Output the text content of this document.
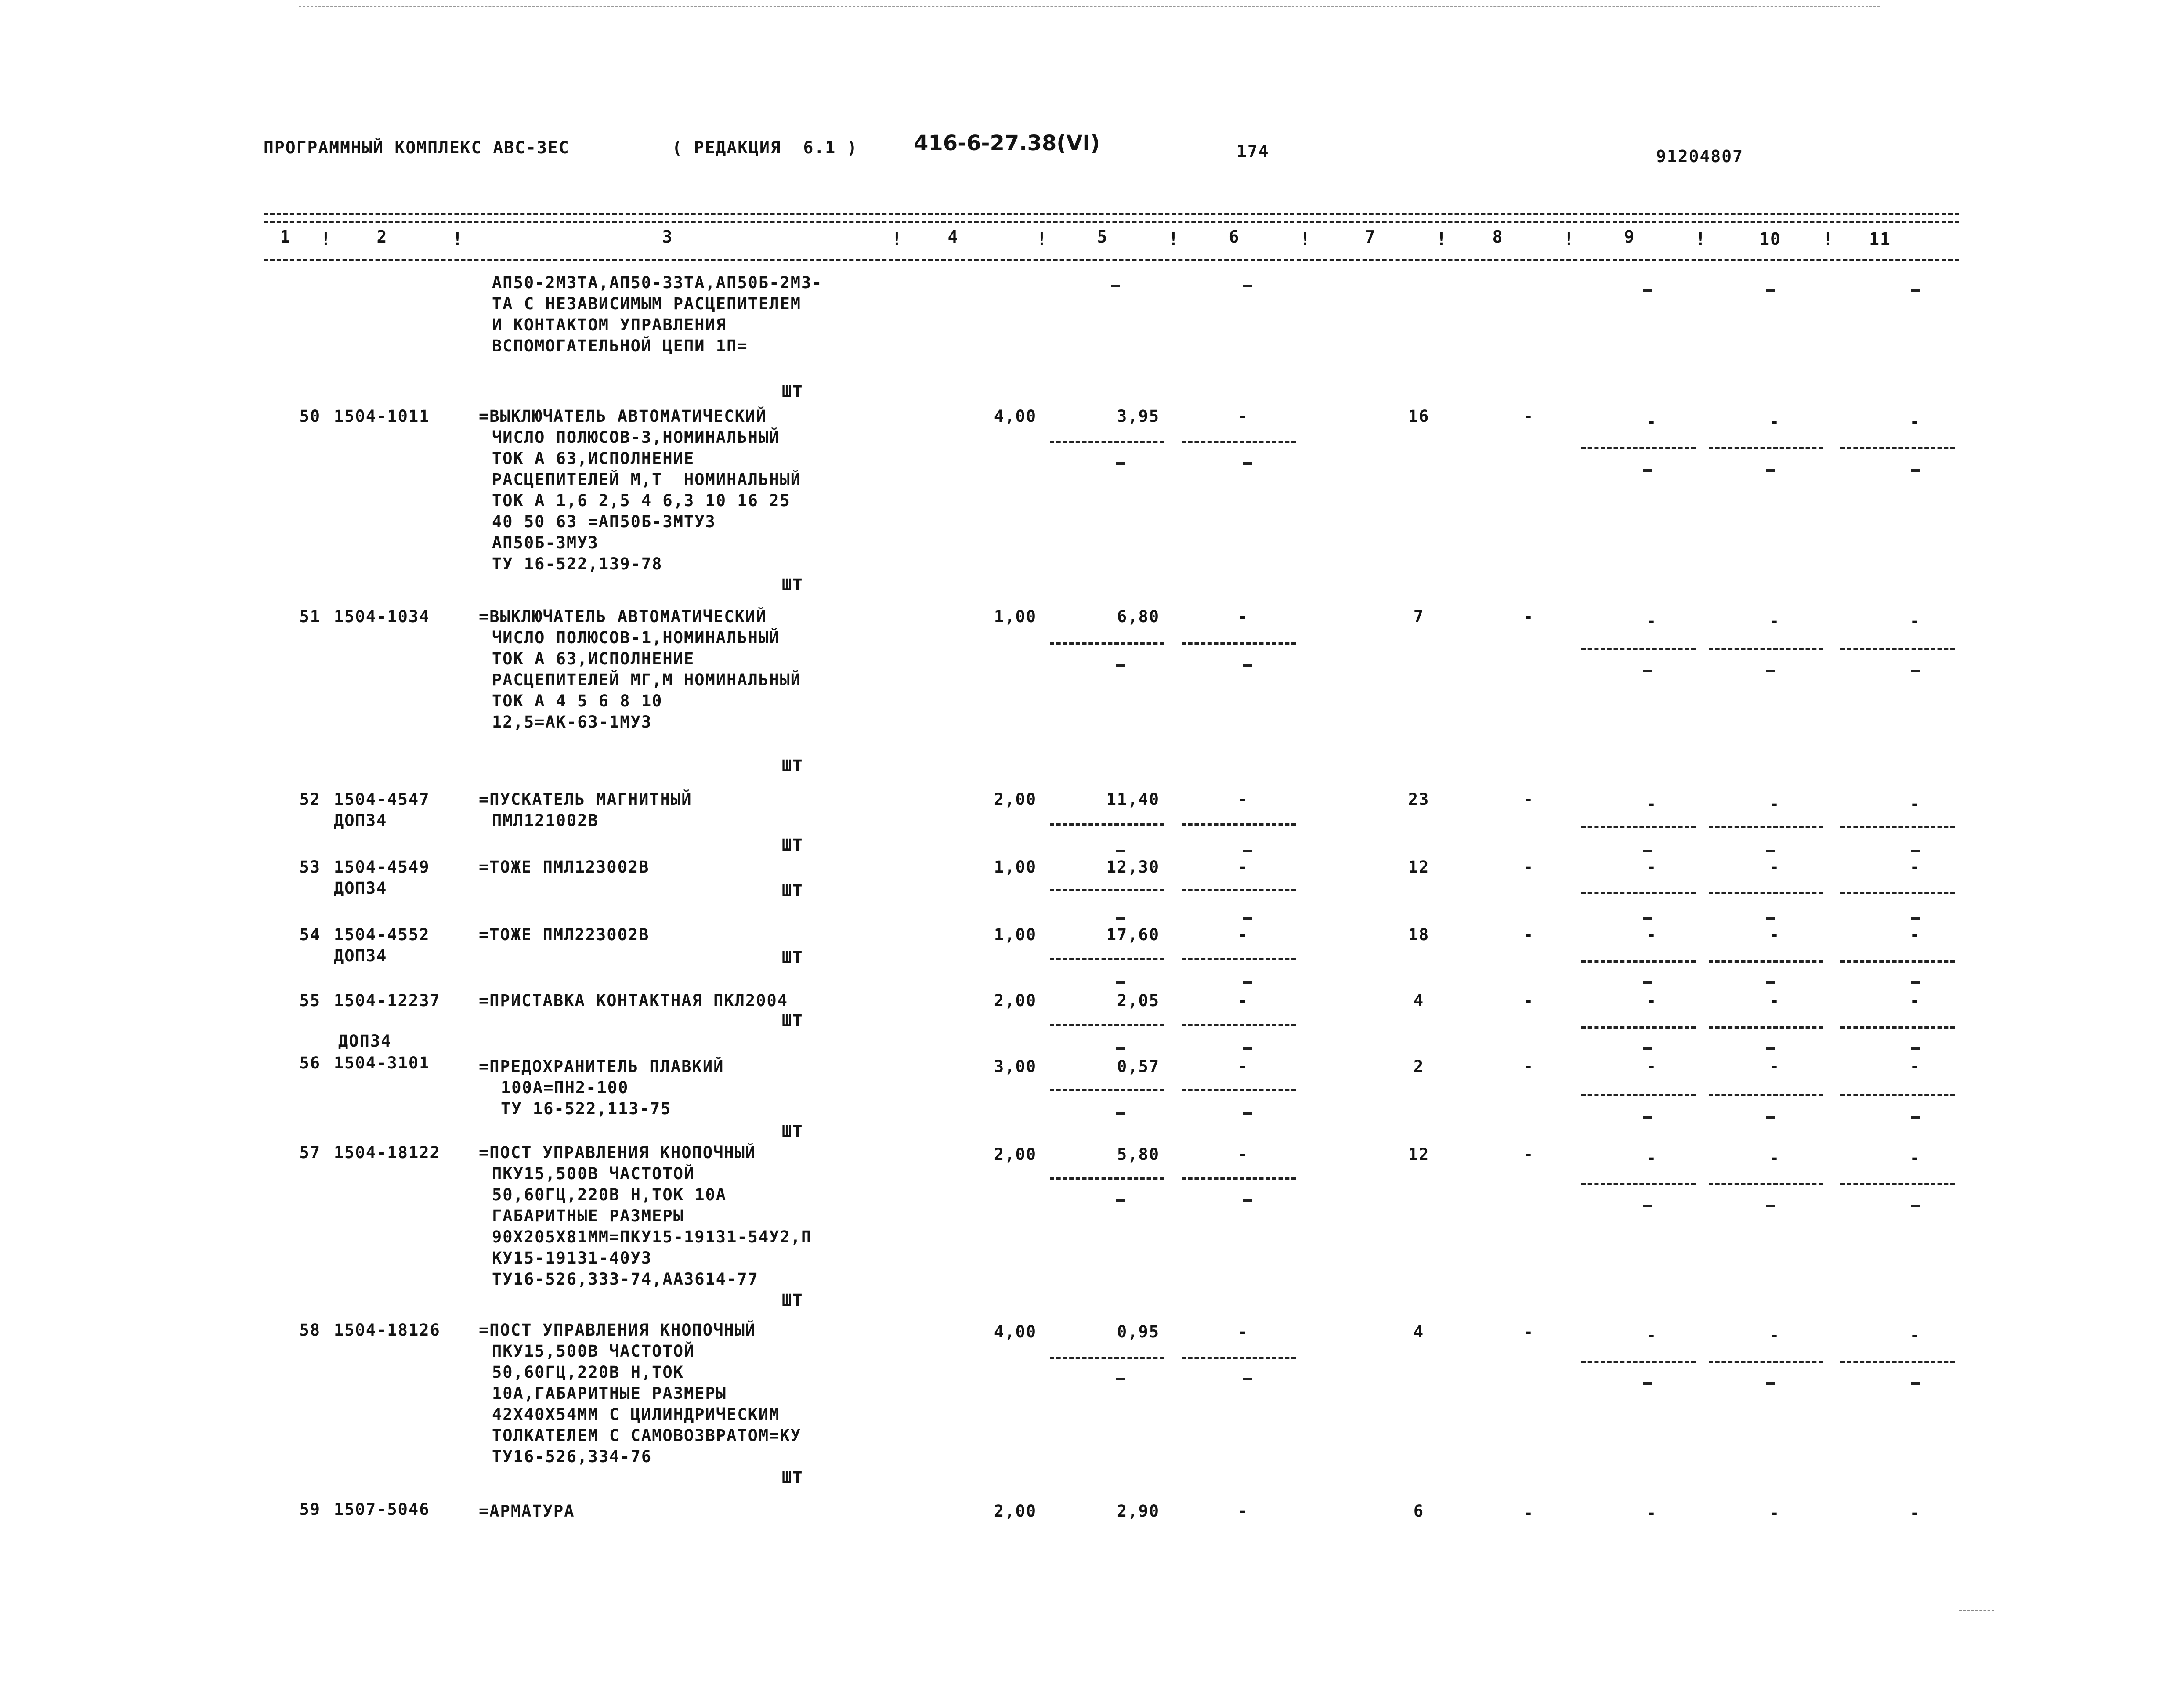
ПРОГРАММНЫЙ КОМПЛЕКС АВС-ЗЕС	( РЕДАКЦИЯ  6.1 )	416-6-27.38(VI)	174	91204807
1	2	3	4	5	6	7	8	9	10	11
!	!	!	!	!	!	!	!	!	!
АП50-2МЗТА,АП50-3ЗТА,АП50Б-2МЗ-
ТА С НЕЗАВИСИМЫМ РАСЦЕПИТЕЛЕМ
И КОНТАКТОМ УПРАВЛЕНИЯ
ВСПОМОГАТЕЛЬНОЙ ЦЕПИ 1П=
ШТ
50 1504-1011	=ВЫКЛЮЧАТЕЛЬ АВТОМАТИЧЕСКИЙ
ЧИСЛО ПОЛЮСОВ-3,НОМИНАЛЬНЫЙ
ТОК А 63,ИСПОЛНЕНИЕ
РАСЦЕПИТЕЛЕЙ М,Т  НОМИНАЛЬНЫЙ
ТОК А 1,6 2,5 4 6,3 10 16 25
40 50 63 =АП50Б-3МТУЗ
АП50Б-3МУЗ
ТУ 16-522,139-78
ШТ
4,00	3,95	-	16	-	-	-	-
51 1504-1034	=ВЫКЛЮЧАТЕЛЬ АВТОМАТИЧЕСКИЙ
ЧИСЛО ПОЛЮСОВ-1,НОМИНАЛЬНЫЙ
ТОК А 63,ИСПОЛНЕНИЕ
РАСЦЕПИТЕЛЕЙ МГ,М НОМИНАЛЬНЫЙ
ТОК А 4 5 6 8 10
12,5=АК-63-1МУЗ
ШТ
1,00	6,80	-	7	-	-	-	-
52 1504-4547
ДОП34
=ПУСКАТЕЛЬ МАГНИТНЫЙ
ПМЛ121002В
ШТ
2,00	11,40	-	23	-	-	-	-
53 1504-4549
ДОП34
=ТОЖЕ ПМЛ123002В
ШТ
1,00	12,30	-	12	-	-	-	-
54 1504-4552
ДОП34
=ТОЖЕ ПМЛ223002В
ШТ
1,00	17,60	-	18	-	-	-	-
55 1504-12237
ДОП34
=ПРИСТАВКА КОНТАКТНАЯ ПКЛ2004
ШТ
2,00	2,05	-	4	-	-	-	-
56 1504-3101	=ПРЕДОХРАНИТЕЛЬ ПЛАВКИЙ
100А=ПН2-100
ТУ 16-522,113-75
ШТ
3,00	0,57	-	2	-	-	-	-
57 1504-18122 =ПОСТ УПРАВЛЕНИЯ КНОПОЧНЫЙ
ПКУ15,500В ЧАСТОТОЙ
50,60ГЦ,220В Н,ТОК 10А
ГАБАРИТНЫЕ РАЗМЕРЫ
90Х205Х81ММ=ПКУ15-19131-54У2,П
КУ15-19131-40УЗ
ТУ16-526,333-74,АА3614-77
ШТ
2,00	5,80	-	12	-	-	-	-
58 1504-18126 =ПОСТ УПРАВЛЕНИЯ КНОПОЧНЫЙ
ПКУ15,500В ЧАСТОТОЙ
50,60ГЦ,220В Н,ТОК
10А,ГАБАРИТНЫЕ РАЗМЕРЫ
42Х40Х54ММ С ЦИЛИНДРИЧЕСКИМ
ТОЛКАТЕЛЕМ С САМОВОЗВРАТОМ=КУ
ТУ16-526,334-76
ШТ
4,00	0,95	-	4	-	-	-	-
59 1507-5046	=АРМАТУРА	2,00	2,90	-	6	-	-	-	-
